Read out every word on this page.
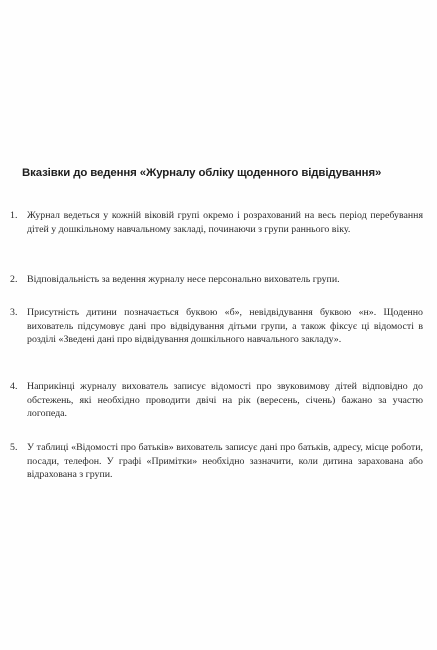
Вказівки до ведення «Журналу обліку щоденного відвідування»
1. Журнал ведеться у кожній віковій групі окремо і розрахований на весь період перебування дітей у дошкільному навчальному закладі, починаючи з групи раннього віку.
2. Відповідальність за ведення журналу несе персонально вихователь групи.
3. Присутність дитини позначається буквою «б», невідвідування буквою «н». Щоденно вихователь підсумовує дані про відвідування дітьми групи, а також фіксує ці відомості в розділі «Зведені дані про відвідування дошкільного навчального закладу».
4. Наприкінці журналу вихователь записує відомості про звуковимову дітей відповідно до обстежень, які необхідно проводити двічі на рік (вересень, січень) бажано за участю логопеда.
5. У таблиці «Відомості про батьків» вихователь записує дані про батьків, адресу, місце роботи, посади, телефон. У графі «Примітки» необхідно зазначити, коли дитина зарахована або відрахована з групи.
